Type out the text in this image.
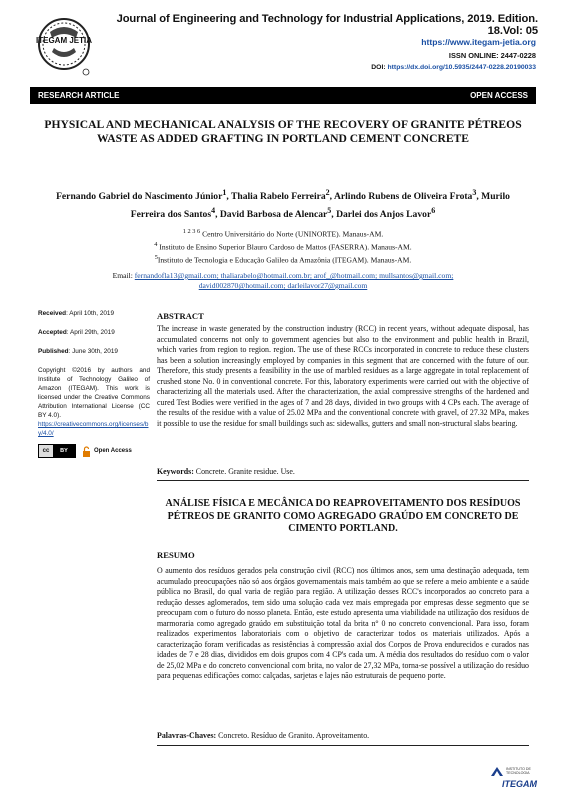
ITEGAM JETIA
Journal of Engineering and Technology for Industrial Applications, 2019. Edition. 18.Vol: 05
https://www.itegam-jetia.org
ISSN ONLINE: 2447-0228
DOI: https://dx.doi.org/10.5935/2447-0228.20190033
RESEARCH ARTICLE	OPEN ACCESS
PHYSICAL AND MECHANICAL ANALYSIS OF THE RECOVERY OF GRANITE PÉTREOS WASTE AS ADDED GRAFTING IN PORTLAND CEMENT CONCRETE
Fernando Gabriel do Nascimento Júnior$^1$, Thalia Rabelo Ferreira$^2$, Arlindo Rubens de Oliveira Frota$^3$, Murilo Ferreira dos Santos$^4$, David Barbosa de Alencar$^5$, Darlei dos Anjos Lavor$^6$

$^{1 2 3 6}$ Centro Universitário do Norte (UNINORTE). Manaus-AM.

$^4$ Instituto de Ensino Superior Blauro Cardoso de Mattos (FASERRA). Manaus-AM.

$^5$Instituto de Tecnologia e Educação Galileo da Amazônia (ITEGAM). Manaus-AM.

Email: fernandofla13@gmail.com; thaliarabelo@hotmail.com.br; arof_@hotmail.com; mullsantos@gmail.com;
david002870@hotmail.com; darleilavor27@gmail.com
Received: April 10th, 2019
Accepted: April 29th, 2019
Published: June 30th, 2019
Copyright ©2016 by authors and Institute of Technology Galileo of Amazon (ITEGAM). This work is licensed under the Creative Commons Attribution International License (CC BY 4.0).
https://creativecommons.org/licenses/by/4.0/
cc	BY	Open Access
ABSTRACT
The increase in waste generated by the construction industry (RCC) in recent years, without adequate disposal, has accumulated concerns not only to government agencies but also to the environment and public health in Brazil, which varies from region to region. region. The use of these RCCs incorporated in concrete to reduce these clusters has been a solution increasingly employed by companies in this segment that are concerned with the future of our. Therefore, this study presents a feasibility in the use of marbled residues as a large aggregate in total replacement of crushed stone No. 0 in conventional concrete. For this, laboratory experiments were carried out with the objective of characterizing all the materials used. After the characterization, the axial compressive strengths of the hardened and cured Test Bodies were verified in the ages of 7 and 28 days, divided in two groups with 4 CPs each. The average of the results of the residue with a value of 25.02 MPa and the conventional concrete with gravel, of 27.32 MPa, makes it possible to use the residue for small buildings such as: sidewalks, gutters and small non-structural slabs bearing.
Keywords: Concrete. Granite residue. Use.
ANÁLISE FÍSICA E MECÂNICA DO REAPROVEITAMENTO DOS RESÍDUOS PÉTREOS DE GRANITO COMO AGREGADO GRAÚDO EM CONCRETO DE CIMENTO PORTLAND.
RESUMO
O aumento dos resíduos gerados pela construção civil (RCC) nos últimos anos, sem uma destinação adequada, tem acumulado preocupações não só aos órgãos governamentais mais também ao que se refere a meio ambiente e a saúde pública no Brasil, do qual varia de região para região. A utilização desses RCC's incorporados ao concreto para a redução desses aglomerados, tem sido uma solução cada vez mais empregada por empresas desse segmento que se preocupam com o futuro do nosso planeta. Então, este estudo apresenta uma viabilidade na utilização dos resíduos de marmoraria como agregado graúdo em substituição total da brita n° 0 no concreto convencional. Para isso, foram realizados experimentos laboratoriais com o objetivo de caracterizar todos os materiais utilizados. Após a caracterização foram verificadas as resistências à compressão axial dos Corpos de Prova endurecidos e curados nas idades de 7 e 28 dias, divididos em dois grupos com 4 CP's cada um. A média dos resultados do resíduo com o valor de 25,02 MPa e do concreto convencional com brita, no valor de 27,32 MPa, torna-se possível a utilização do resíduo para pequenas edificações como: calçadas, sarjetas e lajes não estruturais de pequeno porte.
Palavras-Chaves: Concreto. Resíduo de Granito. Aproveitamento.
INSTITUTO DE TECNOLOGIA
ITEGAM
